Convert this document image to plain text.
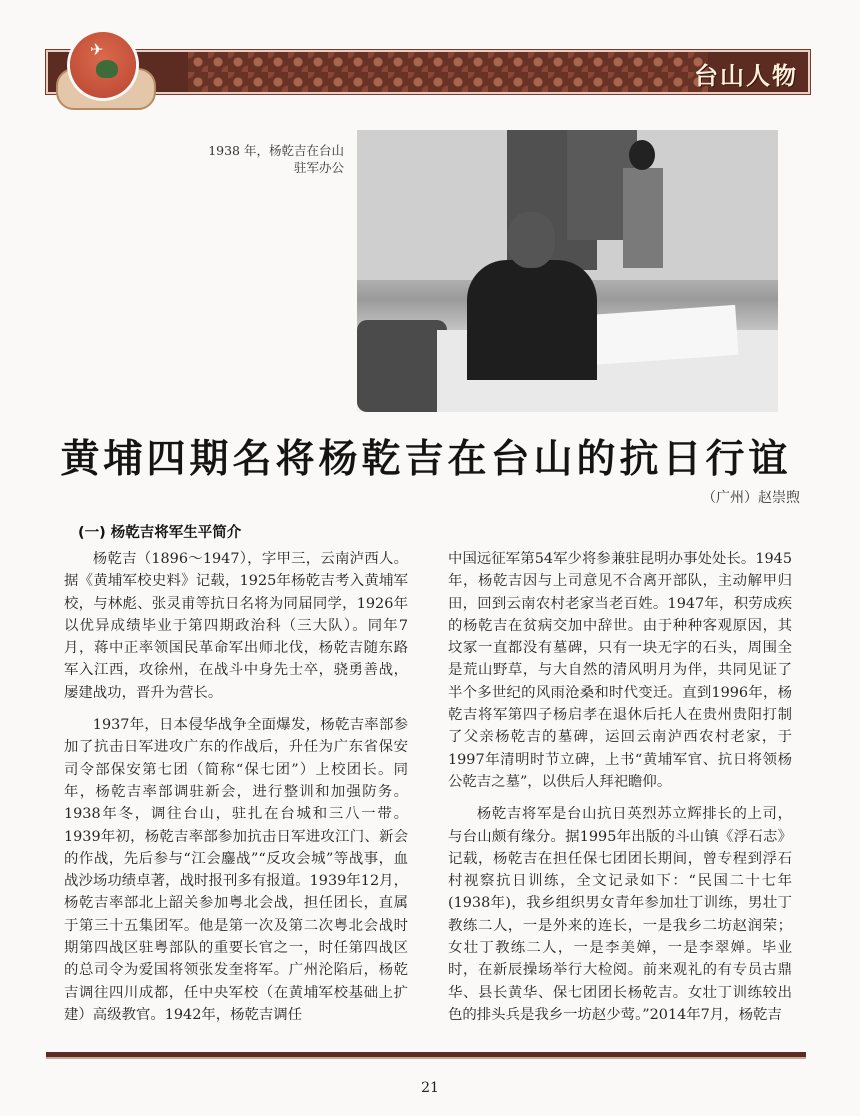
台山人物
✈
1938 年，杨乾吉在台山驻军办公
黄埔四期名将杨乾吉在台山的抗日行谊
（广州）赵崇煦
(一) 杨乾吉将军生平简介

杨乾吉（1896～1947），字甲三，云南泸西人。据《黄埔军校史料》记载，1925年杨乾吉考入黄埔军校，与林彪、张灵甫等抗日名将为同届同学，1926年以优异成绩毕业于第四期政治科（三大队）。同年7月，蒋中正率领国民革命军出师北伐，杨乾吉随东路军入江西，攻徐州，在战斗中身先士卒，骁勇善战，屡建战功，晋升为营长。

1937年，日本侵华战争全面爆发，杨乾吉率部参加了抗击日军进攻广东的作战后，升任为广东省保安司令部保安第七团（简称“保七团”）上校团长。同年，杨乾吉率部调驻新会，进行整训和加强防务。1938年冬，调往台山，驻扎在台城和三八一带。1939年初，杨乾吉率部参加抗击日军进攻江门、新会的作战，先后参与“江会鏖战”“反攻会城”等战事，血战沙场功绩卓著，战时报刊多有报道。1939年12月，杨乾吉率部北上韶关参加粤北会战，担任团长，直属于第三十五集团军。他是第一次及第二次粤北会战时期第四战区驻粤部队的重要长官之一，时任第四战区的总司令为爱国将领张发奎将军。广州沦陷后，杨乾吉调往四川成都，任中央军校（在黄埔军校基础上扩建）高级教官。1942年，杨乾吉调任

中国远征军第54军少将参兼驻昆明办事处处长。1945年，杨乾吉因与上司意见不合离开部队，主动解甲归田，回到云南农村老家当老百姓。1947年，积劳成疾的杨乾吉在贫病交加中辞世。由于种种客观原因，其坟冢一直都没有墓碑，只有一块无字的石头，周围全是荒山野草，与大自然的清风明月为伴，共同见证了半个多世纪的风雨沧桑和时代变迁。直到1996年，杨乾吉将军第四子杨启孝在退休后托人在贵州贵阳打制了父亲杨乾吉的墓碑，运回云南泸西农村老家，于1997年清明时节立碑，上书“黄埔军官、抗日将领杨公乾吉之墓”，以供后人拜祀瞻仰。

杨乾吉将军是台山抗日英烈苏立辉排长的上司，与台山颇有缘分。据1995年出版的斗山镇《浮石志》记载，杨乾吉在担任保七团团长期间，曾专程到浮石村视察抗日训练，全文记录如下：“民国二十七年(1938年)，我乡组织男女青年参加壮丁训练，男壮丁教练二人，一是外来的连长，一是我乡二坊赵润荣；女壮丁教练二人，一是李美婵，一是李翠婵。毕业时，在新辰操场举行大检阅。前来观礼的有专员古鼎华、县长黄华、保七团团长杨乾吉。女壮丁训练较出色的排头兵是我乡一坊赵少莺。”2014年7月，杨乾吉

21
